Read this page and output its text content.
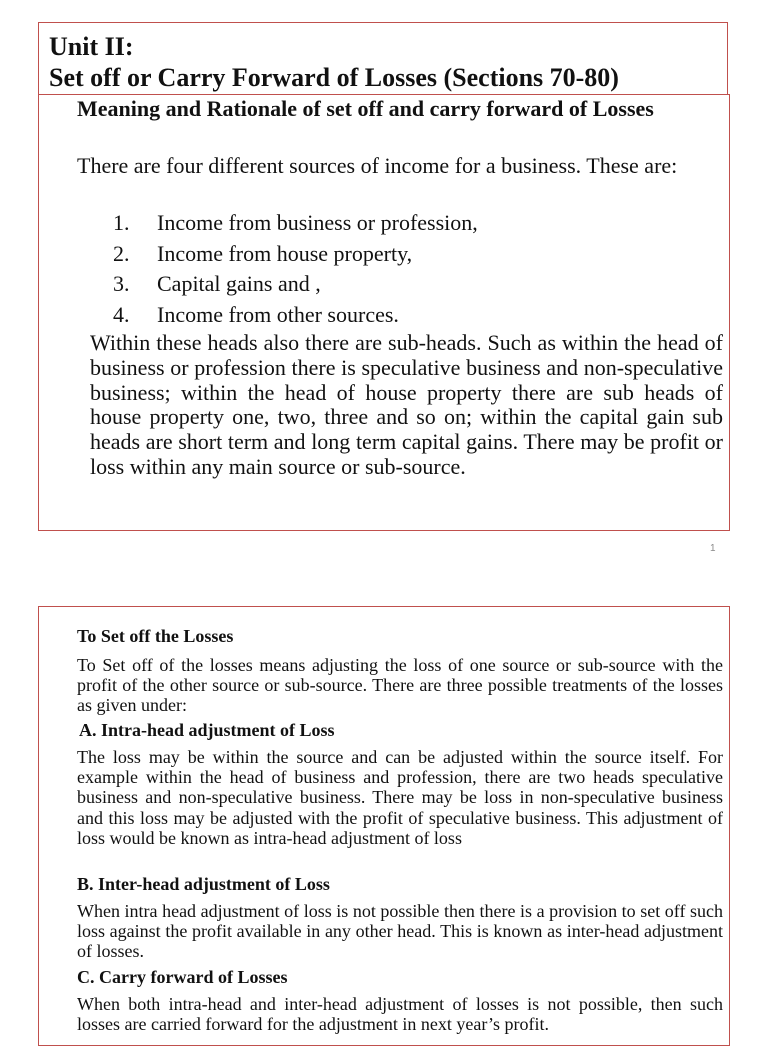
Unit II:
Set off or Carry Forward of Losses (Sections 70-80)
Meaning and Rationale of set off and carry forward of Losses
There are four different sources of income for a business. These are:
1. Income from business or profession,
2. Income from house property,
3. Capital gains and ,
4. Income from other sources.
Within these heads also there are sub-heads. Such as within the head of business or profession there is speculative business and non-speculative business; within the head of house property there are sub heads of house property one, two, three and so on; within the capital gain sub heads are short term and long term capital gains. There may be profit or loss within any main source or sub-source.
1
To Set off the Losses
To Set off of the losses means adjusting the loss of one source or sub-source with the profit of the other source or sub-source. There are three possible treatments of the losses as given under:
A. Intra-head adjustment of Loss
The loss may be within the source and can be adjusted within the source itself. For example within the head of business and profession, there are two heads speculative business and non-speculative business. There may be loss in non-speculative business and this loss may be adjusted with the profit of speculative business. This adjustment of loss would be known as intra-head adjustment of loss
B. Inter-head adjustment of Loss
When intra head adjustment of loss is not possible then there is a provision to set off such loss against the profit available in any other head. This is known as inter-head adjustment of losses.
C. Carry forward of Losses
When both intra-head and inter-head adjustment of losses is not possible, then such losses are carried forward for the adjustment in next year’s profit.
